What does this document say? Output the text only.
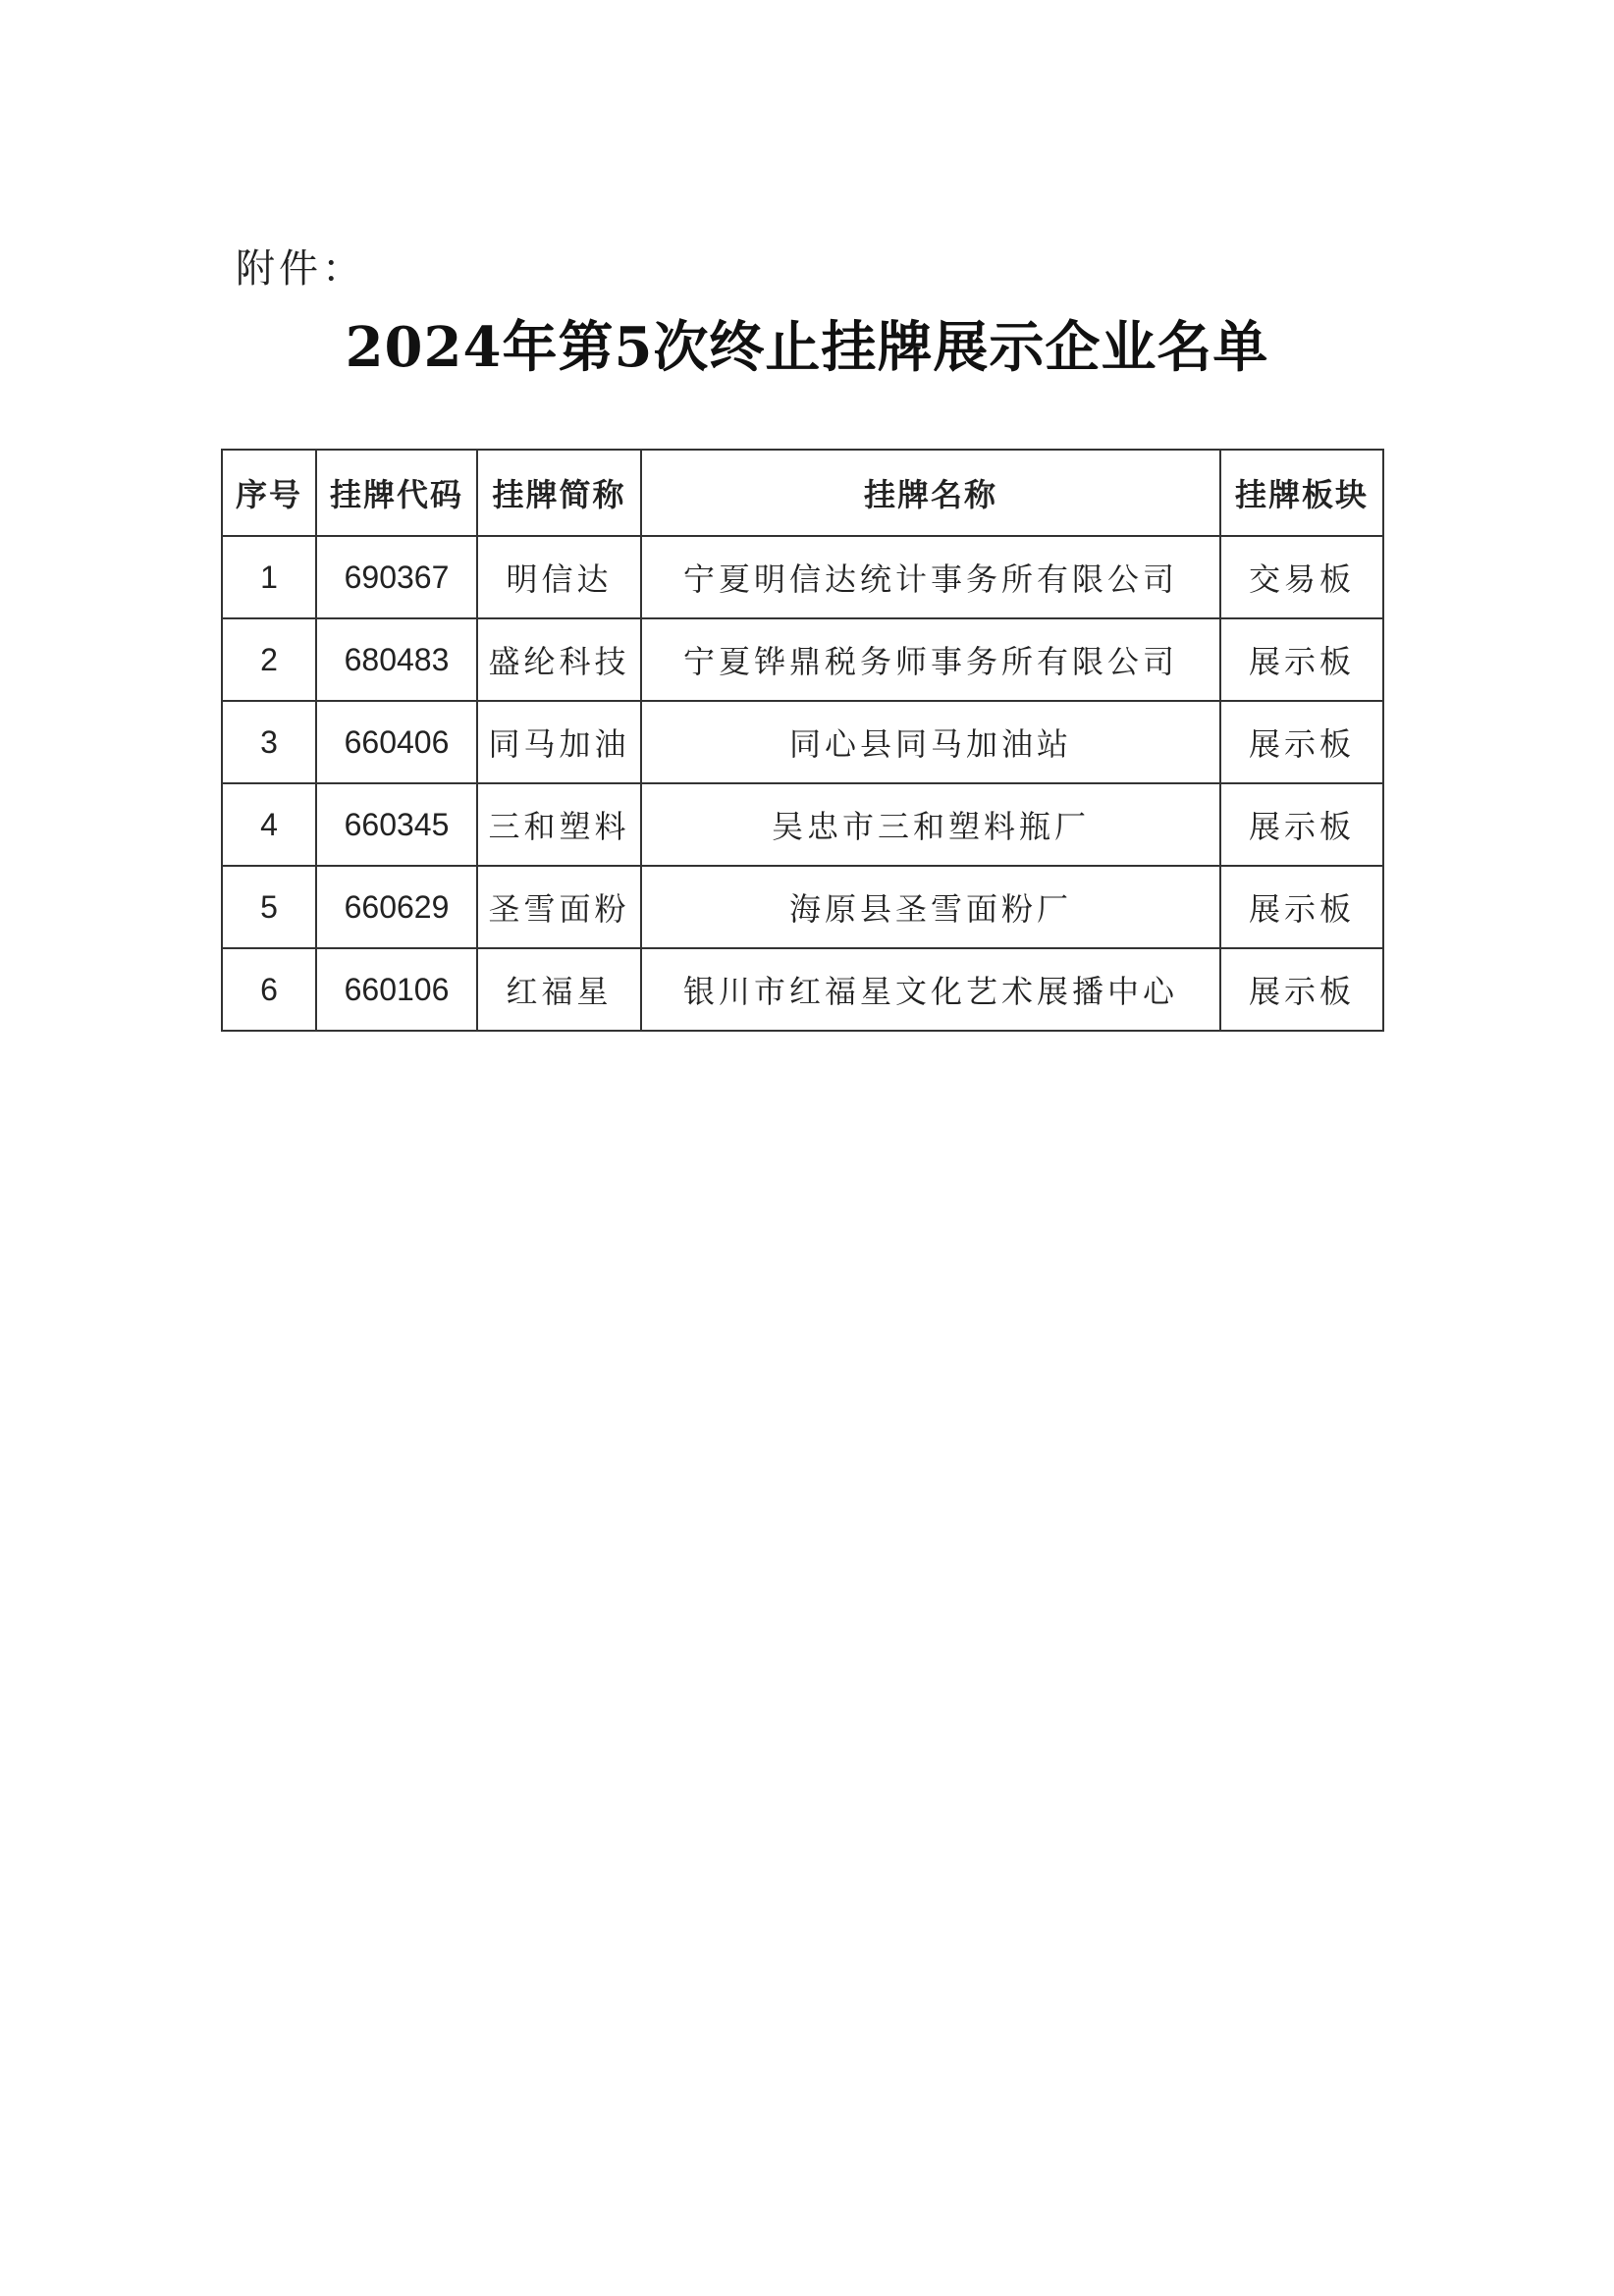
附件：
2024年第5次终止挂牌展示企业名单
序号	挂牌代码	挂牌简称	挂牌名称	挂牌板块
1	690367	明信达	宁夏明信达统计事务所有限公司	交易板
2	680483	盛纶科技	宁夏铧鼎税务师事务所有限公司	展示板
3	660406	同马加油	同心县同马加油站	展示板
4	660345	三和塑料	吴忠市三和塑料瓶厂	展示板
5	660629	圣雪面粉	海原县圣雪面粉厂	展示板
6	660106	红福星	银川市红福星文化艺术展播中心	展示板
